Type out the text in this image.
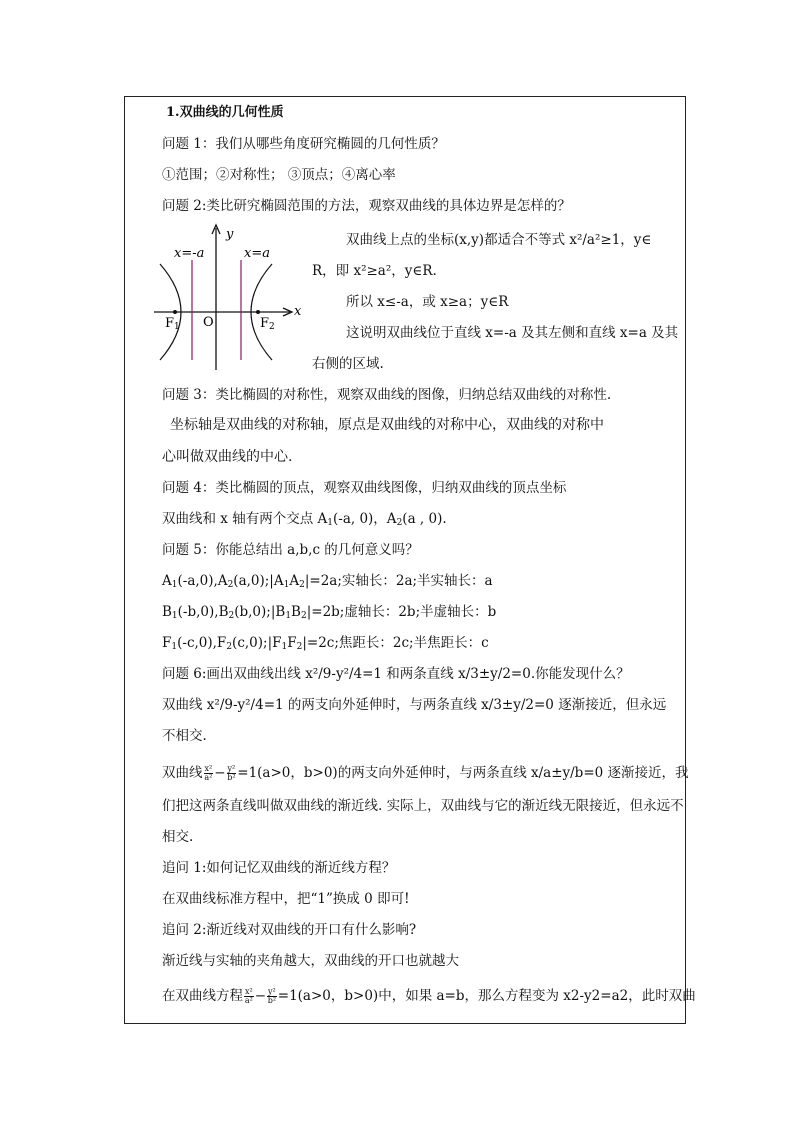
1.双曲线的几何性质
问题 1：我们从哪些角度研究椭圆的几何性质？
①范围；②对称性； ③顶点；④离心率
问题 2:类比研究椭圆范围的方法，观察双曲线的具体边界是怎样的？
x=-a	x=a
y
x
O
F1	F2
双曲线上点的坐标(x,y)都适合不等式 x²/a²≥1，y∈
R，即 x²≥a²，y∈R.
所以 x≤-a，或 x≥a；y∈R
这说明双曲线位于直线 x=-a 及其左侧和直线 x=a 及其
右侧的区域.
问题 3：类比椭圆的对称性，观察双曲线的图像，归纳总结双曲线的对称性.
坐标轴是双曲线的对称轴，原点是双曲线的对称中心，双曲线的对称中
心叫做双曲线的中心.
问题 4：类比椭圆的顶点，观察双曲线图像，归纳双曲线的顶点坐标
双曲线和 x 轴有两个交点 $A_1(-a$, 0)，$A_2(a$ , 0).
问题 5：你能总结出 a,b,c 的几何意义吗？
$A_1(-a,0),A_2(a,0);|A_1A_2|=2a$;实轴长：2a;半实轴长：a
$B_1(-b,0),B_2(b,0);|B_1B_2|=2b$;虚轴长：2b;半虚轴长：b
$F_1(-c,0),F_2(c,0);|F_1F_2|=2c$;焦距长：2c;半焦距长：c
问题 6:画出双曲线出线 x²/9-y²/4=1 和两条直线 x/3±y/2=0.你能发现什么？
双曲线 x²/9-y²/4=1 的两支向外延伸时，与两条直线 x/3±y/2=0 逐渐接近，但永远
不相交.
双曲线 $\frac{\text{x²}}{\text{a²}} - \frac{\text{y²}}{\text{b²}} =1(a>0$，b>0)的两支向外延伸时，与两条直线 x/a±y/b=0 逐渐接近，我
们把这两条直线叫做双曲线的渐近线. 实际上，双曲线与它的渐近线无限接近，但永远不
相交.
追问 1:如何记忆双曲线的渐近线方程？
在双曲线标准方程中，把“1”换成 0 即可!
追问 2:渐近线对双曲线的开口有什么影响?
渐近线与实轴的夹角越大，双曲线的开口也就越大
在双曲线方程 $\frac{\text{x²}}{\text{a²}} - \frac{\text{y²}}{\text{b²}} =1(a>0$，b>0)中，如果 a=b，那么方程变为 x2-y2=a2，此时双曲
